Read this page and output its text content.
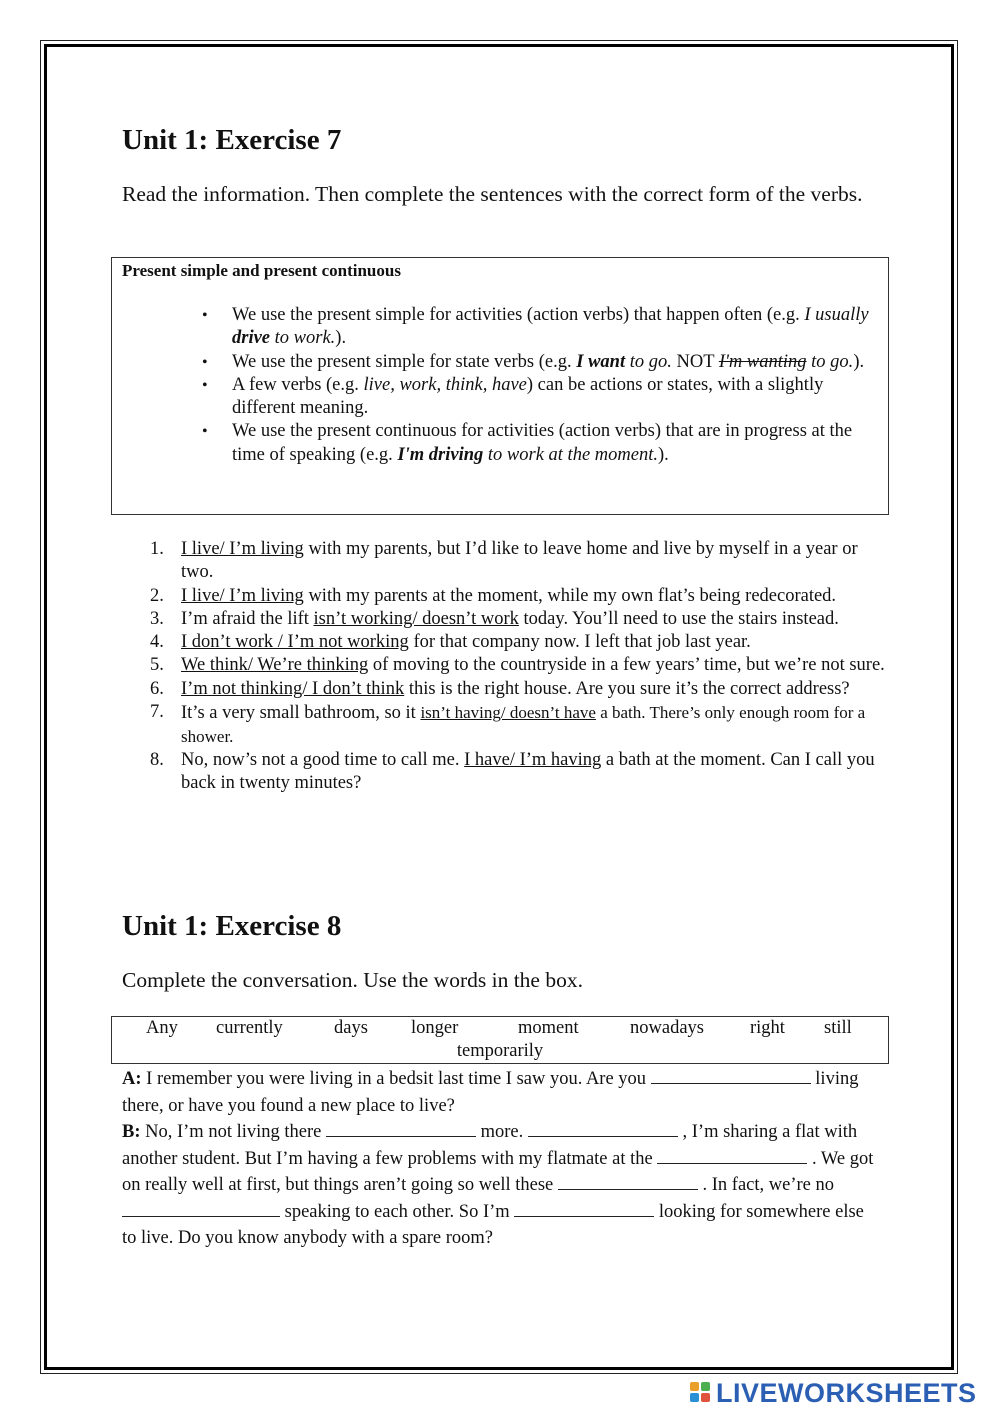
Unit 1: Exercise 7

Read the information. Then complete the sentences with the correct form of the verbs.

Present simple and present continuous

• We use the present simple for activities (action verbs) that happen often (e.g. I usually drive to work.).
• We use the present simple for state verbs (e.g. I want to go. NOT I'm wanting to go.).
• A few verbs (e.g. live, work, think, have) can be actions or states, with a slightly different meaning.
• We use the present continuous for activities (action verbs) that are in progress at the time of speaking (e.g. I'm driving to work at the moment.).
1. I live/ I’m living with my parents, but I’d like to leave home and live by myself in a year or two.
2. I live/ I’m living with my parents at the moment, while my own flat’s being redecorated.
3. I’m afraid the lift isn’t working/ doesn’t work today. You’ll need to use the stairs instead.
4. I don’t work / I’m not working for that company now. I left that job last year.
5. We think/ We’re thinking of moving to the countryside in a few years’ time, but we’re not sure.
6. I’m not thinking/ I don’t think this is the right house. Are you sure it’s the correct address?
7. It’s a very small bathroom, so it isn’t having/ doesn’t have a bath. There’s only enough room for a shower.
8. No, now’s not a good time to call me. I have/ I’m having a bath at the moment. Can I call you back in twenty minutes?
Unit 1: Exercise 8

Complete the conversation. Use the words in the box.

Any currently	days longer	moment	nowadays right still
temporarily

A: I remember you were living in a bedsit last time I saw you. Are you	living there, or have you found a new place to live?
B: No, I’m not living there	more.	, I’m sharing a flat with another student. But I’m having a few problems with my flatmate at the	. We got on really well at first, but things aren’t going so well these	. In fact, we’re no  speaking to each other. So I’m	looking for somewhere else to live. Do you know anybody with a spare room?

LIVEWORKSHEETS
